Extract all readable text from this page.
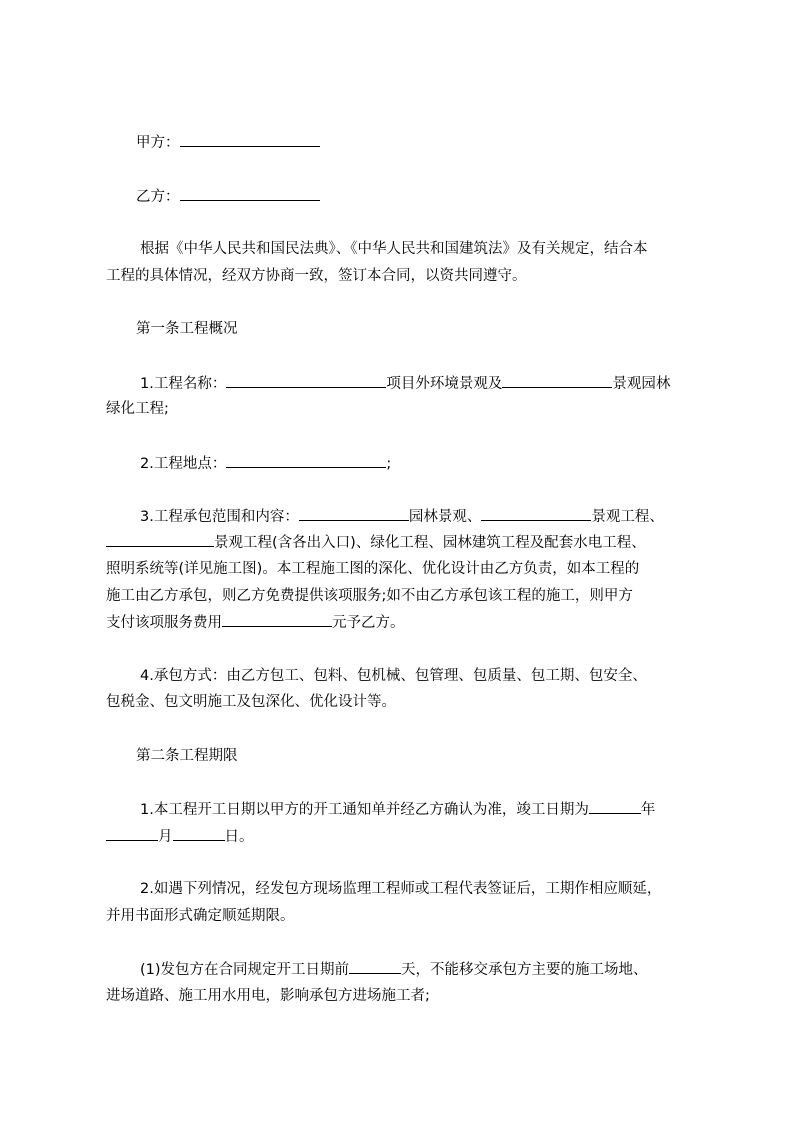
甲方：
乙方：
根据《中华人民共和国民法典》、《中华人民共和国建筑法》及有关规定，结合本
工程的具体情况，经双方协商一致，签订本合同，以资共同遵守。
第一条工程概况
1.工程名称：	项目外环境景观及	景观园林
绿化工程;
2.工程地点：	;
3.工程承包范围和内容：	园林景观、	景观工程、
景观工程(含各出入口)、绿化工程、园林建筑工程及配套水电工程、
照明系统等(详见施工图)。本工程施工图的深化、优化设计由乙方负责，如本工程的
施工由乙方承包，则乙方免费提供该项服务;如不由乙方承包该工程的施工，则甲方
支付该项服务费用	元予乙方。
4.承包方式：由乙方包工、包料、包机械、包管理、包质量、包工期、包安全、
包税金、包文明施工及包深化、优化设计等。
第二条工程期限
1.本工程开工日期以甲方的开工通知单并经乙方确认为准，竣工日期为	年
月	日。
2.如遇下列情况，经发包方现场监理工程师或工程代表签证后，工期作相应顺延，
并用书面形式确定顺延期限。
(1)发包方在合同规定开工日期前	天，不能移交承包方主要的施工场地、
进场道路、施工用水用电，影响承包方进场施工者;
